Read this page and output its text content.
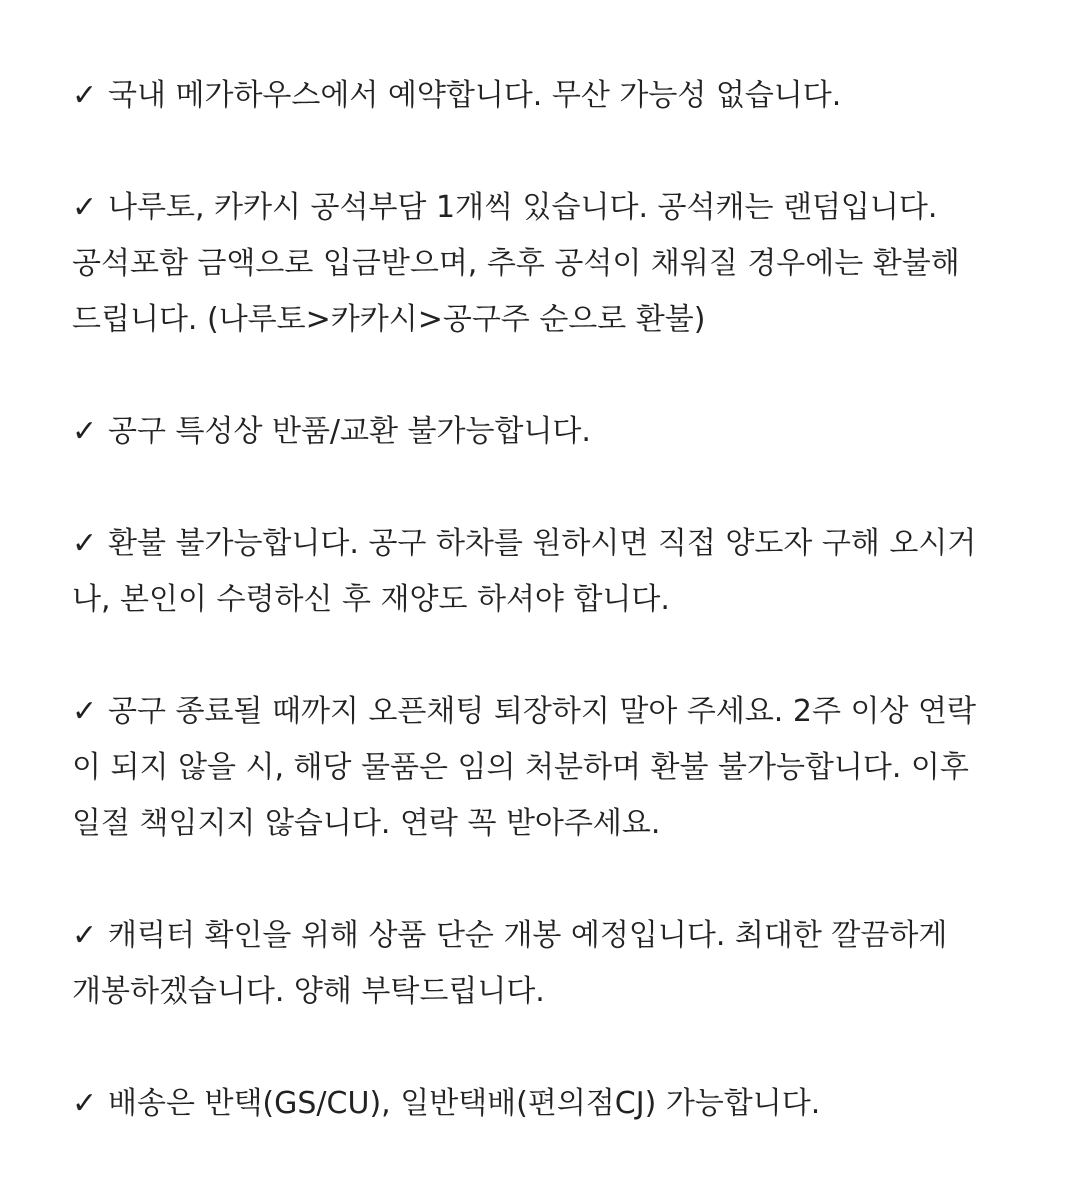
✓ 국내 메가하우스에서 예약합니다. 무산 가능성 없습니다.
✓ 나루토, 카카시 공석부담 1개씩 있습니다. 공석캐는 랜덤입니다.
공석포함 금액으로 입금받으며, 추후 공석이 채워질 경우에는 환불해
드립니다. (나루토>카카시>공구주 순으로 환불)
✓ 공구 특성상 반품/교환 불가능합니다.
✓ 환불 불가능합니다. 공구 하차를 원하시면 직접 양도자 구해 오시거
나, 본인이 수령하신 후 재양도 하셔야 합니다.
✓ 공구 종료될 때까지 오픈채팅 퇴장하지 말아 주세요. 2주 이상 연락
이 되지 않을 시, 해당 물품은 임의 처분하며 환불 불가능합니다. 이후
일절 책임지지 않습니다. 연락 꼭 받아주세요.
✓ 캐릭터 확인을 위해 상품 단순 개봉 예정입니다. 최대한 깔끔하게
개봉하겠습니다. 양해 부탁드립니다.
✓ 배송은 반택(GS/CU), 일반택배(편의점CJ) 가능합니다.
